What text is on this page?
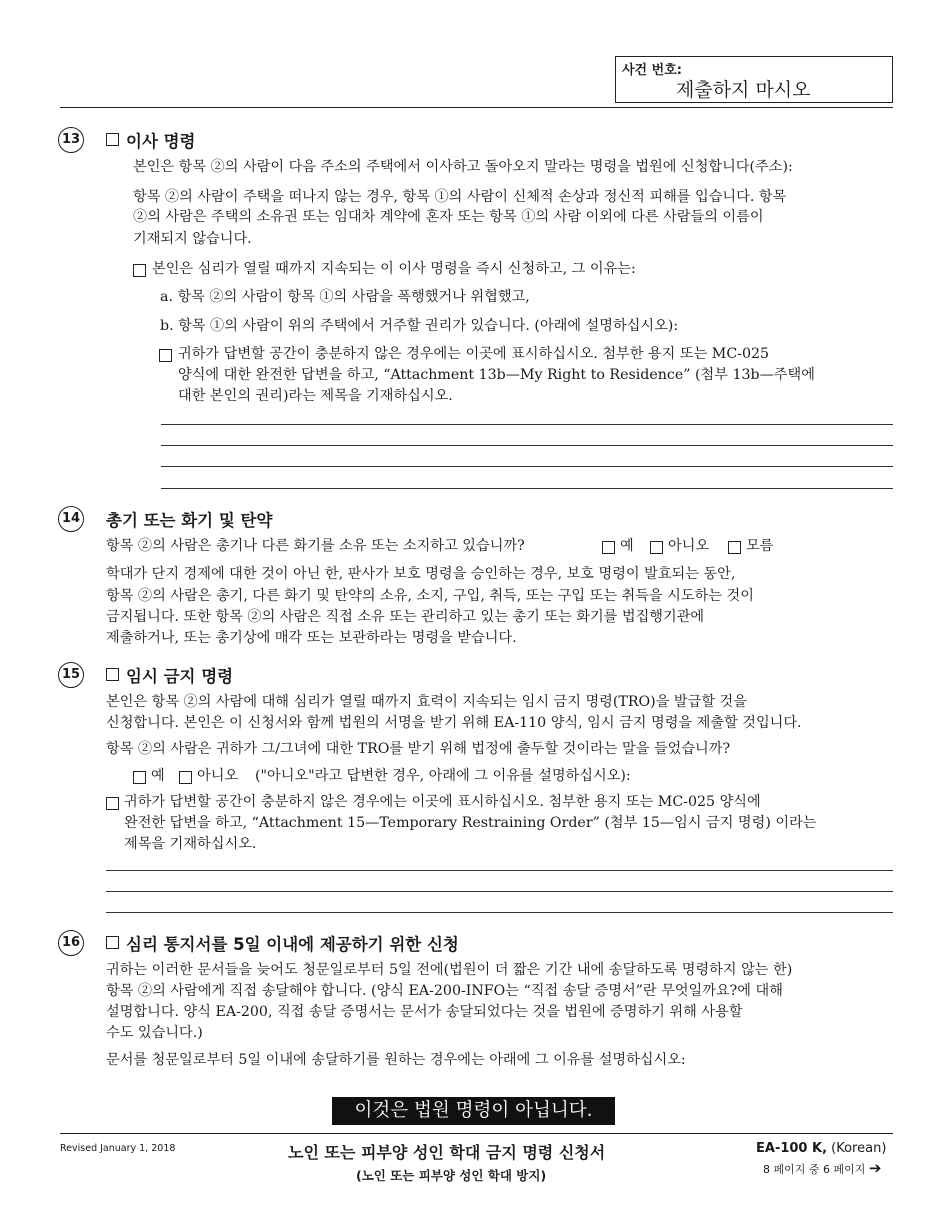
사건 번호:
제출하지 마시오
13	이사 명령
본인은 항목 ②의 사람이 다음 주소의 주택에서 이사하고 돌아오지 말라는 명령을 법원에 신청합니다(주소):
항목 ②의 사람이 주택을 떠나지 않는 경우, 항목 ①의 사람이 신체적 손상과 정신적 피해를 입습니다. 항목
②의 사람은 주택의 소유권 또는 임대차 계약에 혼자 또는 항목 ①의 사람 이외에 다른 사람들의 이름이
기재되지 않습니다.
본인은 심리가 열릴 때까지 지속되는 이 이사 명령을 즉시 신청하고, 그 이유는:
a. 항목 ②의 사람이 항목 ①의 사람을 폭행했거나 위협했고,
b. 항목 ①의 사람이 위의 주택에서 거주할 권리가 있습니다. (아래에 설명하십시오):
귀하가 답변할 공간이 충분하지 않은 경우에는 이곳에 표시하십시오. 첨부한 용지 또는 MC-025
양식에 대한 완전한 답변을 하고, “Attachment 13b—My Right to Residence” (첨부 13b—주택에
대한 본인의 권리)라는 제목을 기재하십시오.
14 총기 또는 화기 및 탄약
항목 ②의 사람은 총기나 다른 화기를 소유 또는 소지하고 있습니까?	예 아니오	모름
학대가 단지 경제에 대한 것이 아닌 한, 판사가 보호 명령을 승인하는 경우, 보호 명령이 발효되는 동안,
항목 ②의 사람은 총기, 다른 화기 및 탄약의 소유, 소지, 구입, 취득, 또는 구입 또는 취득을 시도하는 것이
금지됩니다. 또한 항목 ②의 사람은 직접 소유 또는 관리하고 있는 총기 또는 화기를 법집행기관에
제출하거나, 또는 총기상에 매각 또는 보관하라는 명령을 받습니다.
15	임시 금지 명령
본인은 항목 ②의 사람에 대해 심리가 열릴 때까지 효력이 지속되는 임시 금지 명령(TRO)을 발급할 것을
신청합니다. 본인은 이 신청서와 함께 법원의 서명을 받기 위해 EA-110 양식, 임시 금지 명령을 제출할 것입니다.
항목 ②의 사람은 귀하가 그/그녀에 대한 TRO를 받기 위해 법정에 출두할 것이라는 말을 들었습니까?
예 아니오 ("아니오"라고 답변한 경우, 아래에 그 이유를 설명하십시오):
귀하가 답변할 공간이 충분하지 않은 경우에는 이곳에 표시하십시오. 첨부한 용지 또는 MC-025 양식에
완전한 답변을 하고, “Attachment 15—Temporary Restraining Order” (첨부 15—임시 금지 명령) 이라는
제목을 기재하십시오.
16	심리 통지서를 5일 이내에 제공하기 위한 신청
귀하는 이러한 문서들을 늦어도 청문일로부터 5일 전에(법원이 더 짧은 기간 내에 송달하도록 명령하지 않는 한)
항목 ②의 사람에게 직접 송달해야 합니다. (양식 EA-200-INFO는 “직접 송달 증명서”란 무엇일까요?에 대해
설명합니다. 양식 EA-200, 직접 송달 증명서는 문서가 송달되었다는 것을 법원에 증명하기 위해 사용할
수도 있습니다.)
문서를 청문일로부터 5일 이내에 송달하기를 원하는 경우에는 아래에 그 이유를 설명하십시오:
이것은 법원 명령이 아닙니다.
Revised January 1, 2018	노인 또는 피부양 성인 학대 금지 명령 신청서
(노인 또는 피부양 성인 학대 방지)
EA-100 K, (Korean)
8 페이지 중 6 페이지 ➔
